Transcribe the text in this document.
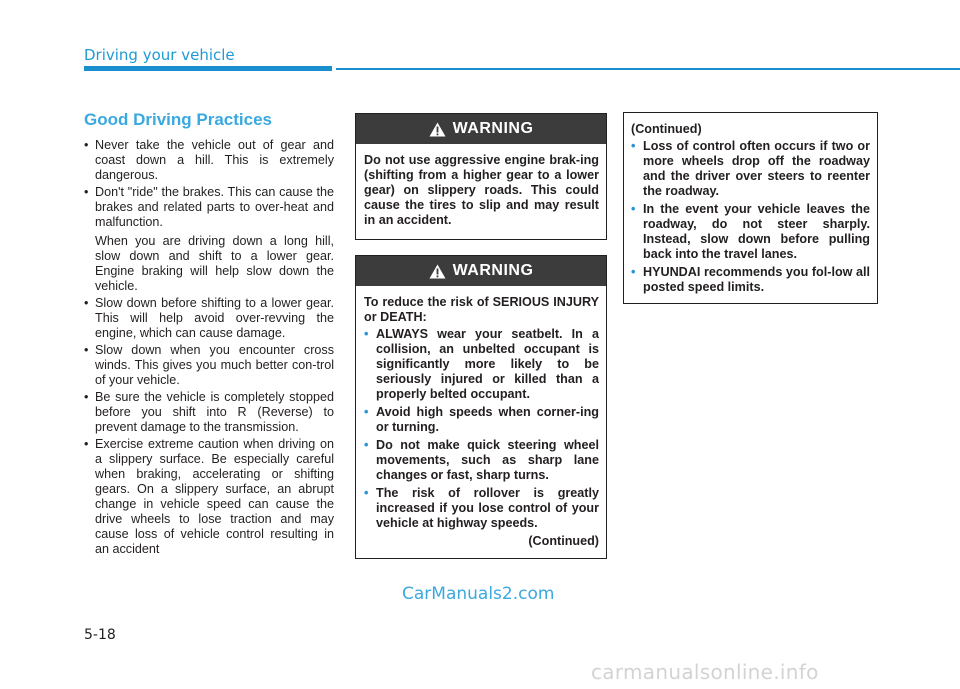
Driving your vehicle
Good Driving Practices
• Never take the vehicle out of gear and coast down a hill. This is extremely dangerous.
• Don't "ride" the brakes. This can cause the brakes and related parts to over-heat and malfunction.

When you are driving down a long hill, slow down and shift to a lower gear. Engine braking will help slow down the vehicle.

• Slow down before shifting to a lower gear. This will help avoid over-revving the engine, which can cause damage.
• Slow down when you encounter cross winds. This gives you much better con-trol of your vehicle.
• Be sure the vehicle is completely stopped before you shift into R (Reverse) to prevent damage to the transmission.
• Exercise extreme caution when driving on a slippery surface. Be especially careful when braking, accelerating or shifting gears. On a slippery surface, an abrupt change in vehicle speed can cause the drive wheels to lose traction and may cause loss of vehicle control resulting in an accident
WARNING
Do not use aggressive engine brak-ing (shifting from a higher gear to a lower gear) on slippery roads. This could cause the tires to slip and may result in an accident.
WARNING
To reduce the risk of SERIOUS INJURY or DEATH:
• ALWAYS wear your seatbelt. In a collision, an unbelted occupant is significantly more likely to be seriously injured or killed than a properly belted occupant.
• Avoid high speeds when corner-ing or turning.
• Do not make quick steering wheel movements, such as sharp lane changes or fast, sharp turns.
• The risk of rollover is greatly increased if you lose control of your vehicle at highway speeds.
(Continued)
(Continued)
• Loss of control often occurs if two or more wheels drop off the roadway and the driver over steers to reenter the roadway.
• In the event your vehicle leaves the roadway, do not steer sharply. Instead, slow down before pulling back into the travel lanes.
• HYUNDAI recommends you fol-low all posted speed limits.
CarManuals2.com
5-18
carmanualsonline.info
